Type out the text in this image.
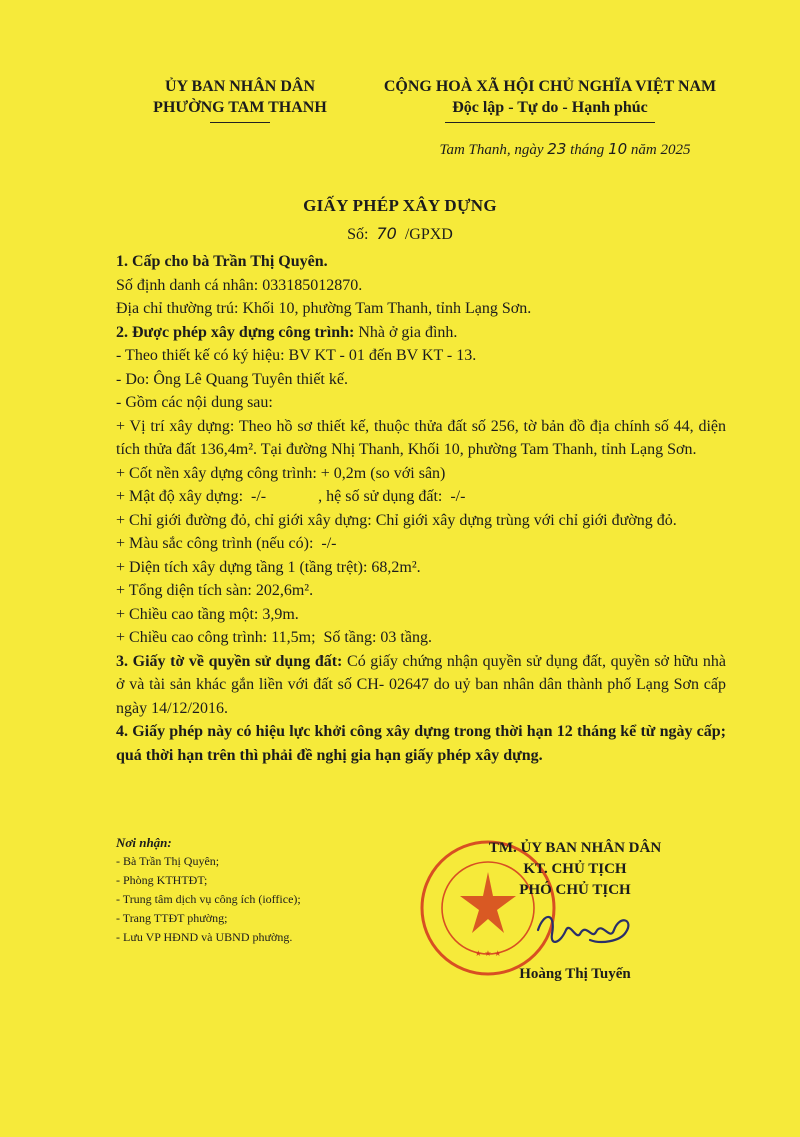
ỦY BAN NHÂN DÂN
PHƯỜNG TAM THANH
CỘNG HOÀ XÃ HỘI CHỦ NGHĨA VIỆT NAM
Độc lập - Tự do - Hạnh phúc
Tam Thanh, ngày 23 tháng 10 năm 2025
GIẤY PHÉP XÂY DỰNG
Số: 70 /GPXD

1. Cấp cho bà Trần Thị Quyên.

Số định danh cá nhân: 033185012870.

Địa chỉ thường trú: Khối 10, phường Tam Thanh, tỉnh Lạng Sơn.

2. Được phép xây dựng công trình: Nhà ở gia đình.

- Theo thiết kế có ký hiệu: BV KT - 01 đến BV KT - 13.

- Do: Ông Lê Quang Tuyên thiết kế.

- Gồm các nội dung sau:

+ Vị trí xây dựng: Theo hồ sơ thiết kế, thuộc thửa đất số 256, tờ bản đồ địa chính số 44, diện tích thửa đất 136,4m². Tại đường Nhị Thanh, Khối 10, phường Tam Thanh, tỉnh Lạng Sơn.

+ Cốt nền xây dựng công trình: + 0,2m (so với sân)

+ Mật độ xây dựng:  -/-             , hệ số sử dụng đất:  -/-

+ Chỉ giới đường đỏ, chỉ giới xây dựng: Chỉ giới xây dựng trùng với chỉ giới đường đỏ.

+ Màu sắc công trình (nếu có):  -/-

+ Diện tích xây dựng tầng 1 (tầng trệt): 68,2m².

+ Tổng diện tích sàn: 202,6m².

+ Chiều cao tầng một: 3,9m.

+ Chiều cao công trình: 11,5m;  Số tầng: 03 tầng.

3. Giấy tờ về quyền sử dụng đất: Có giấy chứng nhận quyền sử dụng đất, quyền sở hữu nhà ở và tài sản khác gắn liền với đất số CH- 02647 do uỷ ban nhân dân thành phố Lạng Sơn cấp ngày 14/12/2016.

4. Giấy phép này có hiệu lực khởi công xây dựng trong thời hạn 12 tháng kể từ ngày cấp; quá thời hạn trên thì phải đề nghị gia hạn giấy phép xây dựng.

Nơi nhận:

- Bà Trần Thị Quyên;

- Phòng KTHTĐT;

- Trung tâm dịch vụ công ích (ioffice);

- Trang TTĐT phường;

- Lưu VP HĐND và UBND phường.

★ ★ ★

TM. ỦY BAN NHÂN DÂN

KT. CHỦ TỊCH

PHÓ CHỦ TỊCH

Hoàng Thị Tuyến
